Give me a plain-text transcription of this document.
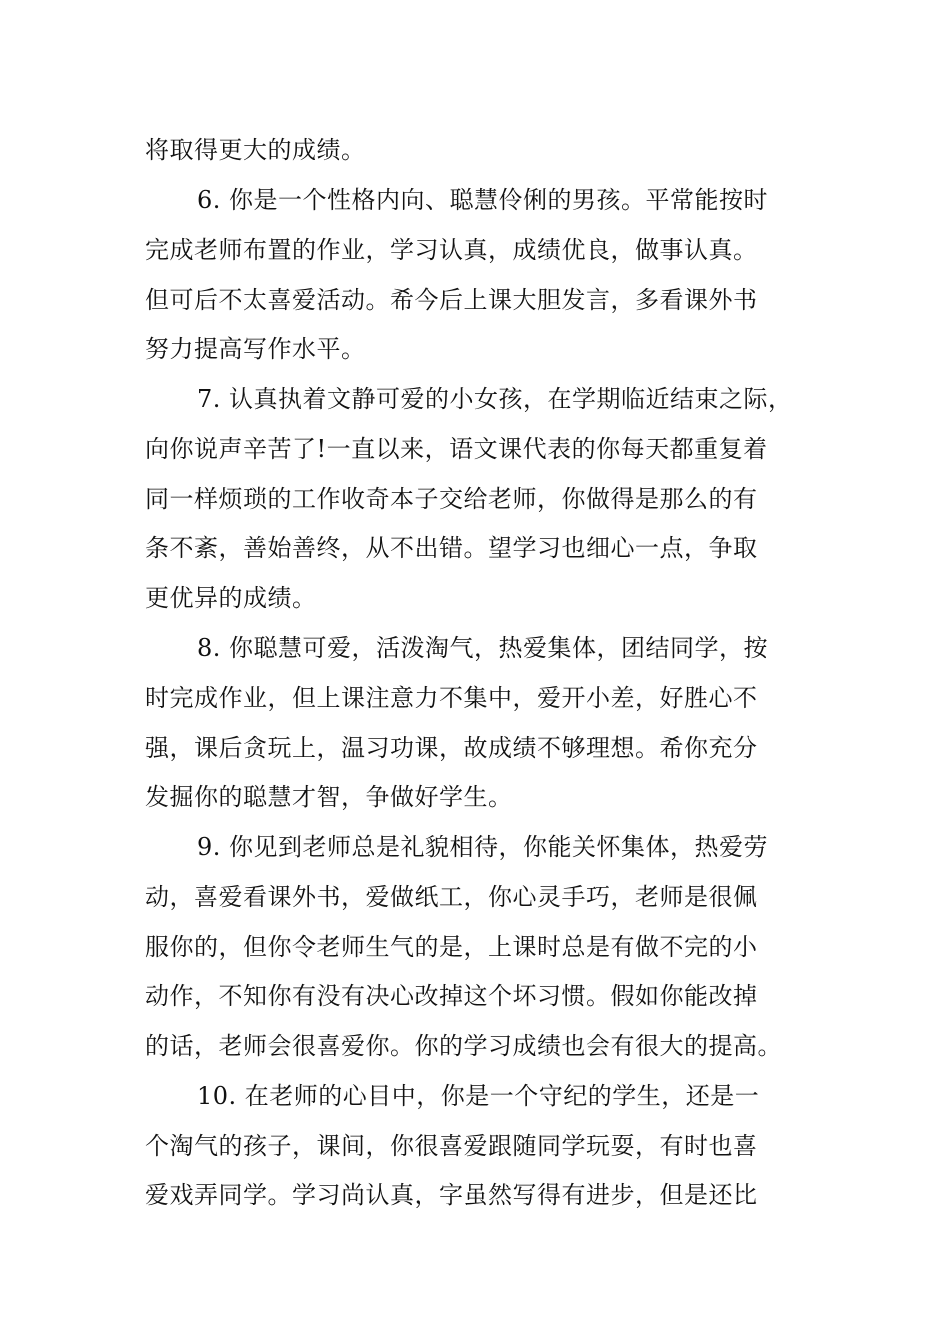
将取得更大的成绩。
6. 你是一个性格内向、聪慧伶俐的男孩。平常能按时
完成老师布置的作业，学习认真，成绩优良，做事认真。
但可后不太喜爱活动。希今后上课大胆发言，多看课外书
努力提高写作水平。
7. 认真执着文静可爱的小女孩，在学期临近结束之际，
向你说声辛苦了!一直以来，语文课代表的你每天都重复着
同一样烦琐的工作收奇本子交给老师，你做得是那么的有
条不紊，善始善终，从不出错。望学习也细心一点，争取
更优异的成绩。
8. 你聪慧可爱，活泼淘气，热爱集体，团结同学，按
时完成作业，但上课注意力不集中，爱开小差，好胜心不
强，课后贪玩上，温习功课，故成绩不够理想。希你充分
发掘你的聪慧才智，争做好学生。
9. 你见到老师总是礼貌相待，你能关怀集体，热爱劳
动，喜爱看课外书，爱做纸工，你心灵手巧，老师是很佩
服你的，但你令老师生气的是，上课时总是有做不完的小
动作，不知你有没有决心改掉这个坏习惯。假如你能改掉
的话，老师会很喜爱你。你的学习成绩也会有很大的提高。
10. 在老师的心目中，你是一个守纪的学生，还是一
个淘气的孩子，课间，你很喜爱跟随同学玩耍，有时也喜
爱戏弄同学。学习尚认真，字虽然写得有进步，但是还比
